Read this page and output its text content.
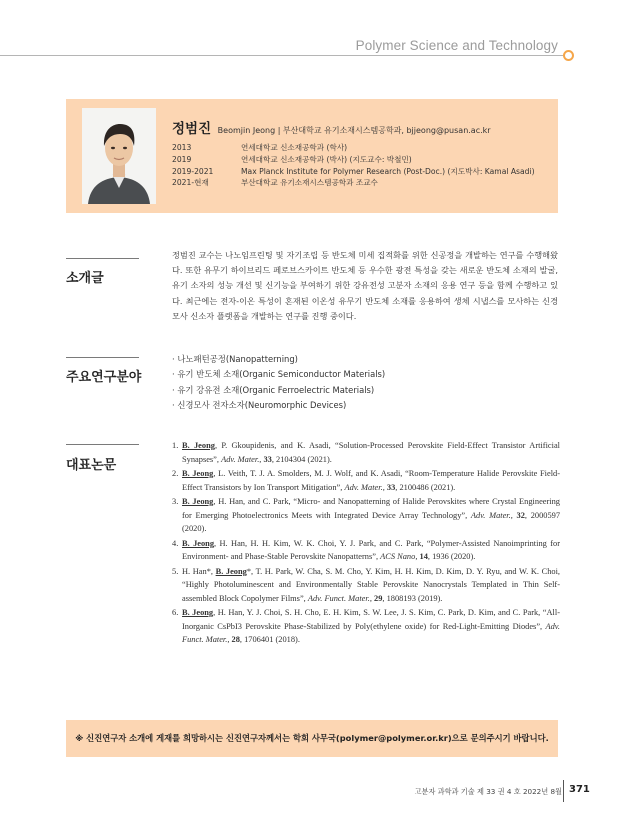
Polymer Science and Technology
정범진 Beomjin Jeong | 부산대학교 유기소재시스템공학과, bjjeong@pusan.ac.kr
2013	연세대학교 신소재공학과 (학사)
2019	연세대학교 신소재공학과 (박사) (지도교수: 박철민)
2019-2021	Max Planck Institute for Polymer Research (Post-Doc.) (지도박사: Kamal Asadi)
2021-현재	부산대학교 유기소재시스템공학과 조교수
소개글
정범진 교수는 나노임프린팅 및 자기조립 등 반도체 미세 집적화를 위한 신공정을 개발하는 연구를 수행해왔다. 또한 유무기 하이브리드 페로브스카이트 반도체 등 우수한 광전 특성을 갖는 새로운 반도체 소재의 발굴, 유기 소자의 성능 개선 및 신기능을 부여하기 위한 강유전성 고분자 소재의 응용 연구 등을 함께 수행하고 있다. 최근에는 전자-이온 특성이 혼재된 이온성 유무기 반도체 소재를 응용하여 생체 시냅스를 모사하는 신경모사 신소자 플랫폼을 개발하는 연구를 진행 중이다.
주요연구분야
· 나노패턴공정(Nanopatterning)
· 유기 반도체 소재(Organic Semiconductor Materials)
· 유기 강유전 소재(Organic Ferroelectric Materials)
· 신경모사 전자소자(Neuromorphic Devices)
대표논문
1. B. Jeong, P. Gkoupidenis, and K. Asadi, “Solution-Processed Perovskite Field-Effect Transistor Artificial Synapses”, Adv. Mater., 33, 2104304 (2021).
2. B. Jeong, L. Veith, T. J. A. Smolders, M. J. Wolf, and K. Asadi, “Room-Temperature Halide Perovskite Field-Effect Transistors by Ion Transport Mitigation”, Adv. Mater., 33, 2100486 (2021).
3. B. Jeong, H. Han, and C. Park, “Micro- and Nanopatterning of Halide Perovskites where Crystal Engineering for Emerging Photoelectronics Meets with Integrated Device Array Technology”, Adv. Mater., 32, 2000597 (2020).
4. B. Jeong, H. Han, H. H. Kim, W. K. Choi, Y. J. Park, and C. Park, “Polymer-Assisted Nanoimprinting for Environment- and Phase-Stable Perovskite Nanopatterns”, ACS Nano, 14, 1936 (2020).
5. H. Han*, B. Jeong*, T. H. Park, W. Cha, S. M. Cho, Y. Kim, H. H. Kim, D. Kim, D. Y. Ryu, and W. K. Choi, “Highly Photoluminescent and Environmentally Stable Perovskite Nanocrystals Templated in Thin Self-assembled Block Copolymer Films”, Adv. Funct. Mater., 29, 1808193 (2019).
6. B. Jeong, H. Han, Y. J. Choi, S. H. Cho, E. H. Kim, S. W. Lee, J. S. Kim, C. Park, D. Kim, and C. Park, “All-Inorganic CsPbI3 Perovskite Phase-Stabilized by Poly(ethylene oxide) for Red-Light-Emitting Diodes”, Adv. Funct. Mater., 28, 1706401 (2018).
※ 신진연구자 소개에 게재를 희망하시는 신진연구자께서는 학회 사무국(polymer@polymer.or.kr)으로 문의주시기 바랍니다.
고분자 과학과 기술 제 33 권 4 호 2022년 8월 371
